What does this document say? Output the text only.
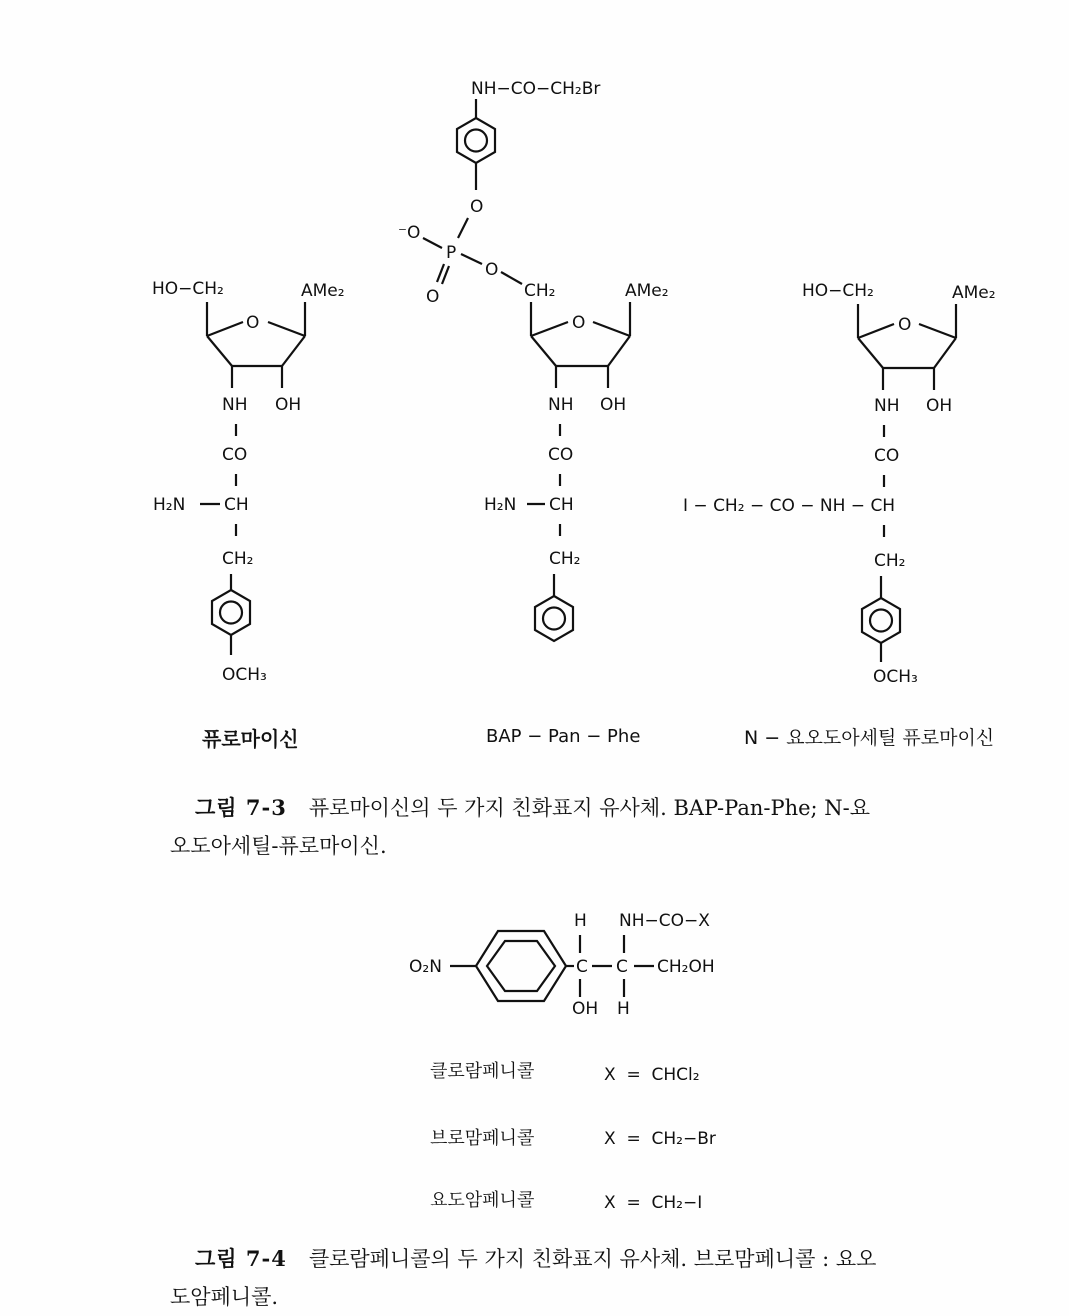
HO−CH₂	AMe₂
O
NH OH
CO
H₂N CH
CH₂
OCH₃
퓨로마이신
NH−CO−CH₂Br
O
⁻O
P
O
O
CH₂	AMe₂
O
NH OH
CO
H₂N CH
CH₂
BAP − Pan − Phe
HO−CH₂	AMe₂
O
NH OH
CO
I − CH₂ − CO − NH − CH
CH₂
OCH₃
N − 요오도아세틸 퓨로마이신
O₂N
H
C
OH
NH−CO−X
C CH₂OH
H
클로람페니콜	X  =  CHCl₂
브로맘페니콜	X  =  CH₂−Br
요도암페니콜	X  =  CH₂−I
그림 7-3 퓨로마이신의 두 가지 친화표지 유사체. BAP-Pan-Phe; N-요
오도아세틸-퓨로마이신.
그림 7-4 클로람페니콜의 두 가지 친화표지 유사체. 브로맘페니콜 : 요오
도암페니콜.
